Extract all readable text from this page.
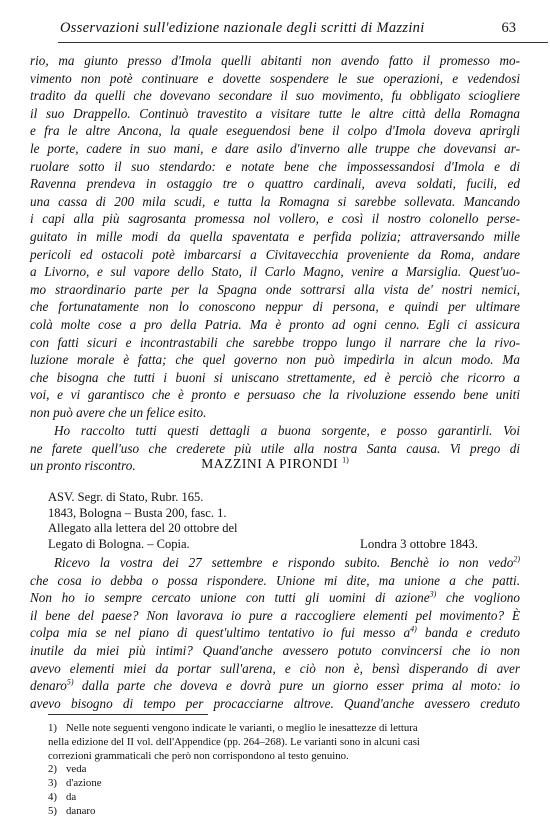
Osservazioni sull'edizione nazionale degli scritti di Mazzini	63
rio, ma giunto presso d'Imola quelli abitanti non avendo fatto il promesso mo-
vimento non potè continuare e dovette sospendere le sue operazioni, e vedendosi
tradito da quelli che dovevano secondare il suo movimento, fu obbligato sciogliere
il suo Drappello. Continuò travestito a visitare tutte le altre città della Romagna
e fra le altre Ancona, la quale eseguendosi bene il colpo d'Imola doveva aprirgli
le porte, cadere in suo mani, e dare asilo d'inverno alle truppe che dovevansi ar-
ruolare sotto il suo stendardo: e notate bene che impossessandosi d'Imola e di
Ravenna prendeva in ostaggio tre o quattro cardinali, aveva soldati, fucili, ed
una cassa di 200 mila scudi, e tutta la Romagna si sarebbe sollevata. Mancando
i capi alla più sagrosanta promessa nol vollero, e così il nostro colonello perse-
guitato in mille modi da quella spaventata e perfida polizia; attraversando mille
pericoli ed ostacoli potè imbarcarsi a Civitavecchia proveniente da Roma, andare
a Livorno, e sul vapore dello Stato, il Carlo Magno, venire a Marsiglia. Quest'uo-
mo straordinario parte per la Spagna onde sottrarsi alla vista de' nostri nemici,
che fortunatamente non lo conoscono neppur di persona, e quindi per ultimare
colà molte cose a pro della Patria. Ma è pronto ad ogni cenno. Egli ci assicura
con fatti sicuri e incontrastabili che sarebbe troppo lungo il narrare che la rivo-
luzione morale è fatta; che quel governo non può impedirla in alcun modo. Ma
che bisogna che tutti i buoni si uniscano strettamente, ed è perciò che ricorro a
voi, e vi garantisco che è pronto e persuaso che la rivoluzione essendo bene uniti
non può avere che un felice esito.
Ho raccolto tutti questi dettagli a buona sorgente, e posso garantirli. Voi
ne farete quell'uso che crederete più utile alla nostra Santa causa. Vi prego di
un pronto riscontro.	MAZZINI A PIRONDI $^{1)}$
ASV. Segr. di Stato, Rubr. 165.
1843, Bologna – Busta 200, fasc. 1.
Allegato alla lettera del 20 ottobre del
Legato di Bologna. – Copia.	Londra 3 ottobre 1843.
Ricevo la vostra dei 27 settembre e rispondo subito. Benchè io non vedo$^{2)}$
che cosa io debba o possa rispondere. Unione mi dite, ma unione a che patti.
Non ho io sempre cercato unione con tutti gli uomini di azione$^{3)}$ che vogliono
il bene del paese? Non lavorava io pure a raccogliere elementi pel movimento? È
colpa mia se nel piano di quest'ultimo tentativo io fui messo $a^{4)}$ banda e creduto
inutile da miei più intimi? Quand'anche avessero potuto convincersi che io non
avevo elementi miei da portar sull'arena, e ciò non è, bensì disperando di aver
denaro$^{5)}$ dalla parte che doveva e dovrà pure un giorno esser prima al moto: io
avevo bisogno di tempo per procacciarne altrove. Quand'anche avessero creduto
1) Nelle note seguenti vengono indicate le varianti, o meglio le inesattezze di lettura
nella edizione del II vol. dell'Appendice (pp. 264–268). Le varianti sono in alcuni casi
correzioni grammaticali che però non corrispondono al testo genuino.
2) veda
3) d'azione
4) da
5) danaro
